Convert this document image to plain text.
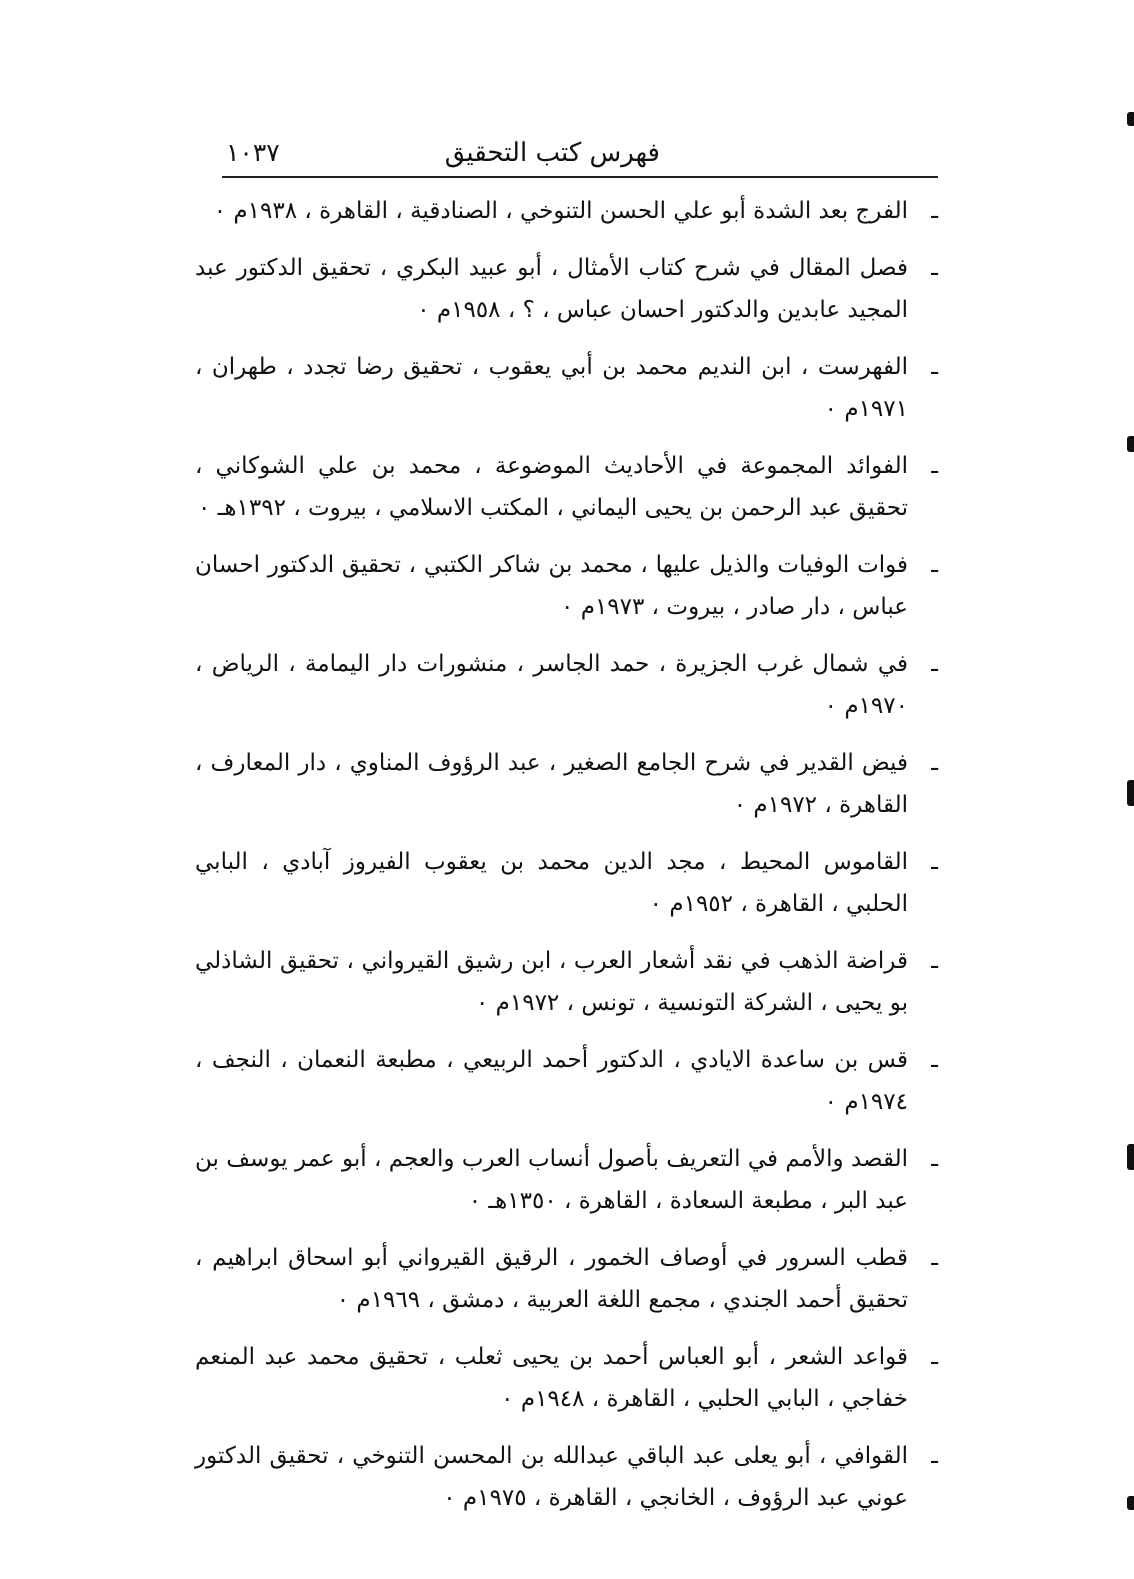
فهرس كتب التحقيق
١٠٣٧
ـ
الفرج بعد الشدة أبو علي الحسن التنوخي ، الصنادقية ، القاهرة ، ١٩٣٨م ٠
ـ
فصل المقال في شرح كتاب الأمثال ، أبو عبيد البكري ، تحقيق الدكتور عبد المجيد عابدين والدكتور احسان عباس ، ؟ ، ١٩٥٨م ٠
ـ
الفهرست ، ابن النديم محمد بن أبي يعقوب ، تحقيق رضا تجدد ، طهران ، ١٩٧١م ٠
ـ
الفوائد المجموعة في الأحاديث الموضوعة ، محمد بن علي الشوكاني ، تحقيق عبد الرحمن بن يحيى اليماني ، المكتب الاسلامي ، بيروت ، ١٣٩٢هـ ٠
ـ
فوات الوفيات والذيل عليها ، محمد بن شاكر الكتبي ، تحقيق الدكتور احسان عباس ، دار صادر ، بيروت ، ١٩٧٣م ٠
ـ
في شمال غرب الجزيرة ، حمد الجاسر ، منشورات دار اليمامة ، الرياض ، ١٩٧٠م ٠
ـ
فيض القدير في شرح الجامع الصغير ، عبد الرؤوف المناوي ، دار المعارف ، القاهرة ، ١٩٧٢م ٠
ـ
القاموس المحيط ، مجد الدين محمد بن يعقوب الفيروز آبادي ، البابي الحلبي ، القاهرة ، ١٩٥٢م ٠
ـ
قراضة الذهب في نقد أشعار العرب ، ابن رشيق القيرواني ، تحقيق الشاذلي بو يحيى ، الشركة التونسية ، تونس ، ١٩٧٢م ٠
ـ
قس بن ساعدة الايادي ، الدكتور أحمد الربيعي ، مطبعة النعمان ، النجف ، ١٩٧٤م ٠
ـ
القصد والأمم في التعريف بأصول أنساب العرب والعجم ، أبو عمر يوسف بن عبد البر ، مطبعة السعادة ، القاهرة ، ١٣٥٠هـ ٠
ـ
قطب السرور في أوصاف الخمور ، الرقيق القيرواني أبو اسحاق ابراهيم ، تحقيق أحمد الجندي ، مجمع اللغة العربية ، دمشق ، ١٩٦٩م ٠
ـ
قواعد الشعر ، أبو العباس أحمد بن يحيى ثعلب ، تحقيق محمد عبد المنعم خفاجي ، البابي الحلبي ، القاهرة ، ١٩٤٨م ٠
ـ
القوافي ، أبو يعلى عبد الباقي عبدالله بن المحسن التنوخي ، تحقيق الدكتور عوني عبد الرؤوف ، الخانجي ، القاهرة ، ١٩٧٥م ٠
